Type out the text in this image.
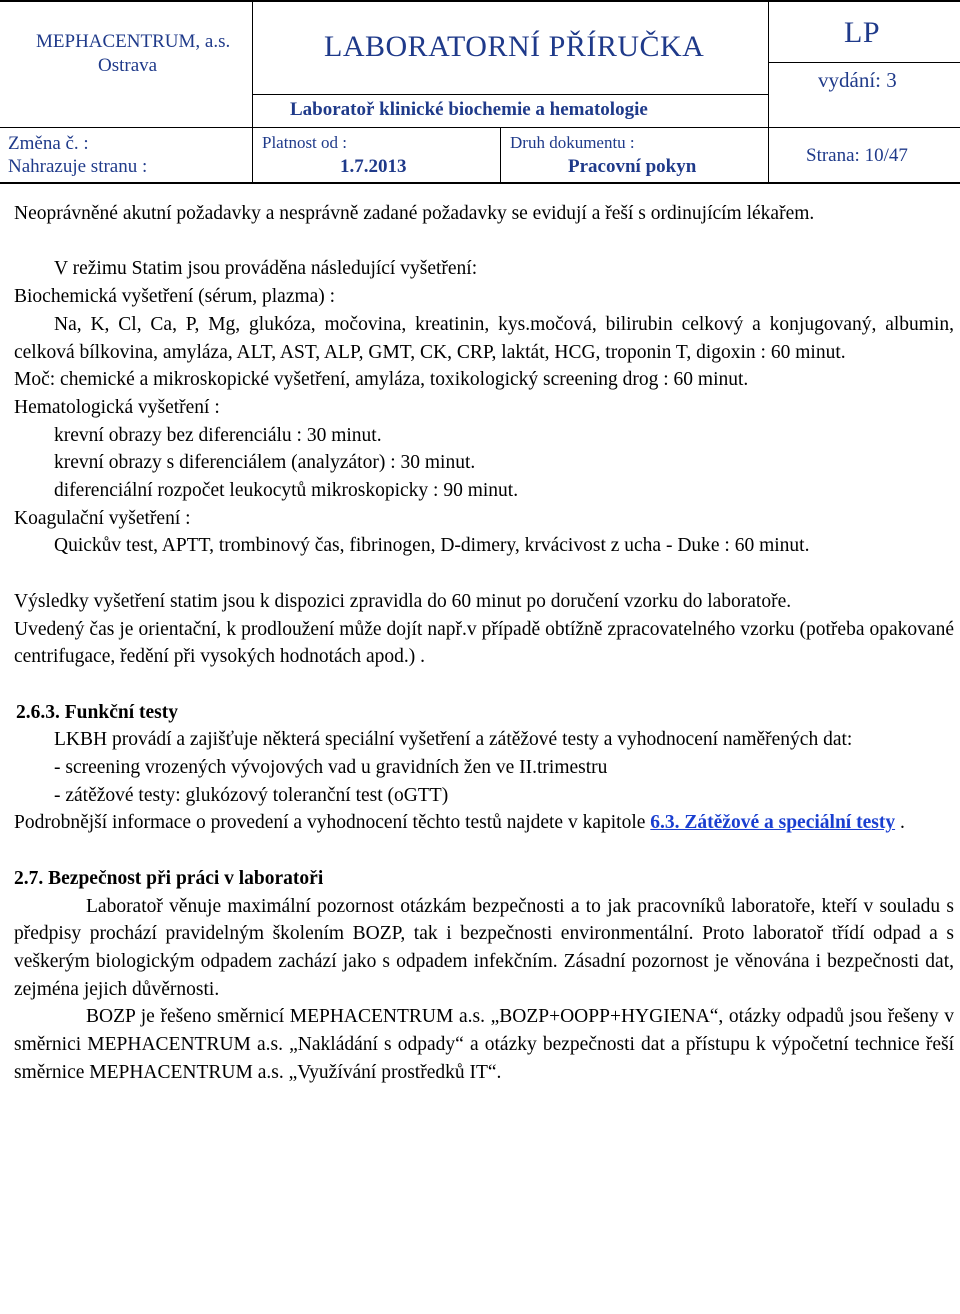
MEPHACENTRUM, a.s.
Ostrava
LABORATORNÍ PŘÍRUČKA	LP
vydání: 3
Laboratoř klinické biochemie a hematologie
Změna č. :
Nahrazuje stranu :
Platnost od :
1.7.2013
Druh dokumentu :
Pracovní pokyn
Strana: 10/47

Neoprávněné akutní požadavky a nesprávně zadané požadavky se evidují a řeší s ordinujícím lékařem.

V režimu Statim jsou prováděna následující vyšetření:

Biochemická vyšetření (sérum, plazma) :

Na, K, Cl, Ca, P, Mg, glukóza, močovina, kreatinin, kys.močová, bilirubin celkový a konjugovaný, albumin, celková bílkovina, amyláza, ALT, AST, ALP, GMT, CK, CRP, laktát, HCG, troponin T, digoxin : 60 minut.

Moč: chemické a mikroskopické vyšetření, amyláza, toxikologický screening drog : 60 minut.

Hematologická vyšetření :

krevní obrazy bez diferenciálu : 30 minut.

krevní obrazy s diferenciálem (analyzátor) : 30 minut.

diferenciální rozpočet leukocytů mikroskopicky : 90 minut.

Koagulační vyšetření :

Quickův test, APTT, trombinový čas, fibrinogen, D-dimery, krvácivost z ucha - Duke : 60 minut.

Výsledky vyšetření statim jsou k dispozici zpravidla do 60 minut po doručení vzorku do laboratoře.

Uvedený čas je orientační, k prodloužení může dojít např.v případě obtížně zpracovatelného vzorku (potřeba opakované centrifugace, ředění při vysokých hodnotách apod.) .

2.6.3. Funkční testy

LKBH provádí a zajišťuje některá speciální vyšetření a zátěžové testy a vyhodnocení naměřených dat:

- screening vrozených vývojových vad u gravidních žen ve II.trimestru

- zátěžové testy: glukózový toleranční test (oGTT)

Podrobnější informace o provedení a vyhodnocení těchto testů najdete v kapitole 6.3. Zátěžové a speciální testy .

2.7. Bezpečnost při práci v laboratoři

Laboratoř věnuje maximální pozornost otázkám bezpečnosti a to jak pracovníků laboratoře, kteří v souladu s předpisy prochází pravidelným školením BOZP, tak i bezpečnosti environmentální. Proto laboratoř třídí odpad a s veškerým biologickým odpadem zachází jako s odpadem infekčním. Zásadní pozornost je věnována i bezpečnosti dat, zejména jejich důvěrnosti.

BOZP je řešeno směrnicí MEPHACENTRUM a.s. „BOZP+OOPP+HYGIENA“, otázky odpadů jsou řešeny v směrnici MEPHACENTRUM a.s. „Nakládání s odpady“ a otázky bezpečnosti dat a přístupu k výpočetní technice řeší směrnice MEPHACENTRUM a.s. „Využívání prostředků IT“.
